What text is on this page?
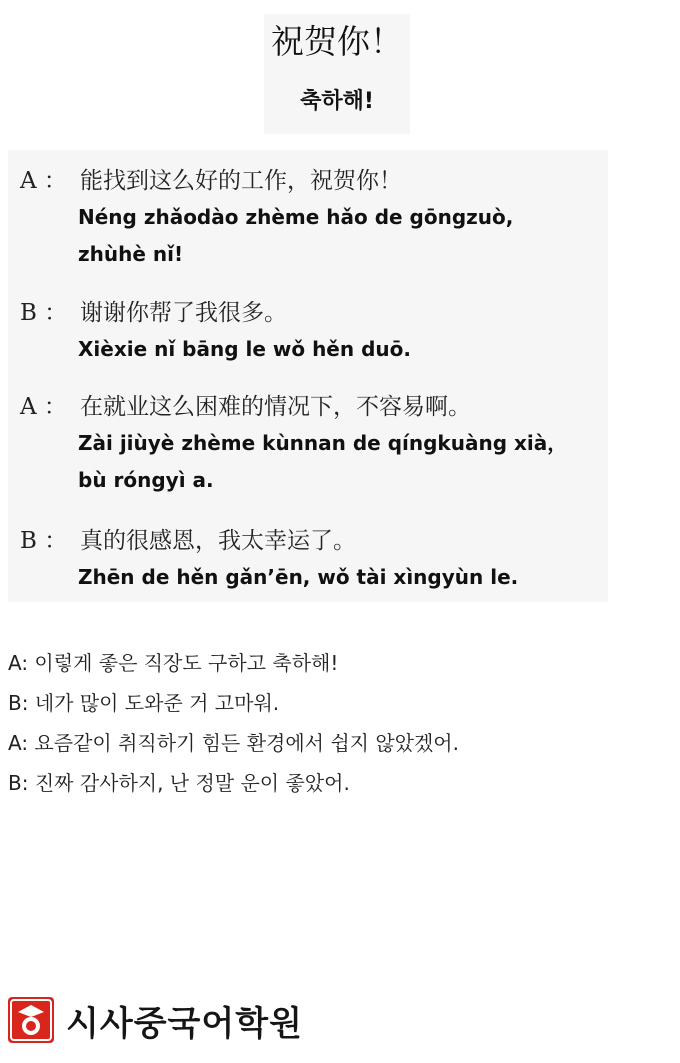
祝贺你！
축하해!
A ： 能找到这么好的工作，祝贺你！
Néng zhǎodào zhème hǎo de gōngzuò,
zhùhè nǐ!
B ： 谢谢你帮了我很多。
Xièxie nǐ bāng le wǒ hěn duō.
A ： 在就业这么困难的情况下，不容易啊。
Zài jiùyè zhème kùnnan de qíngkuàng xià，
bù róngyì a.
B ： 真的很感恩，我太幸运了。
Zhēn de hěn gǎn’ēn, wǒ tài xìngyùn le.
A: 이렇게 좋은 직장도 구하고 축하해!
B: 네가 많이 도와준 거 고마워.
A: 요즘같이 취직하기 힘든 환경에서 쉽지 않았겠어.
B: 진짜 감사하지, 난 정말 운이 좋았어.
시사중국어학원
